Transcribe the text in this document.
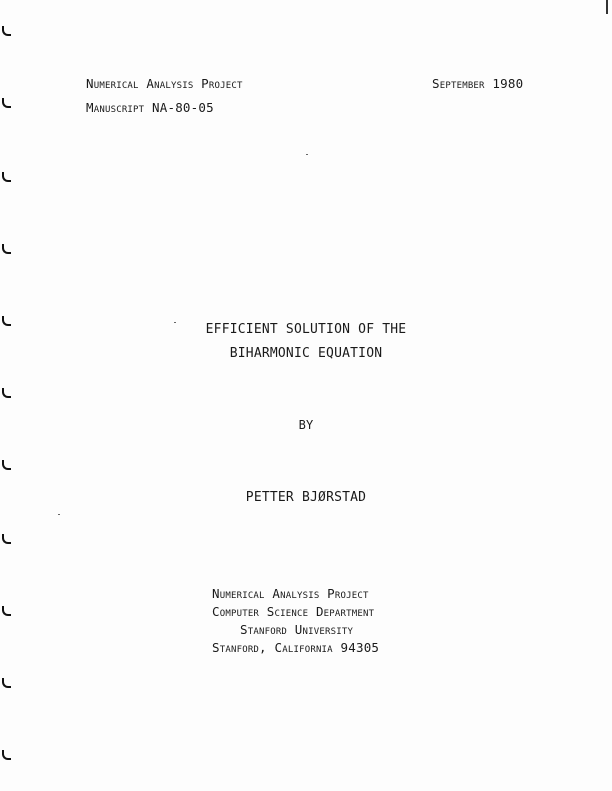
Numerical Analysis Project
Manuscript NA-80-05
September 1980
EFFICIENT SOLUTION OF THE
BIHARMONIC EQUATION
BY
PETTER BJØRSTAD
Numerical Analysis Project
Computer Science Department
Stanford University
Stanford, California 94305
